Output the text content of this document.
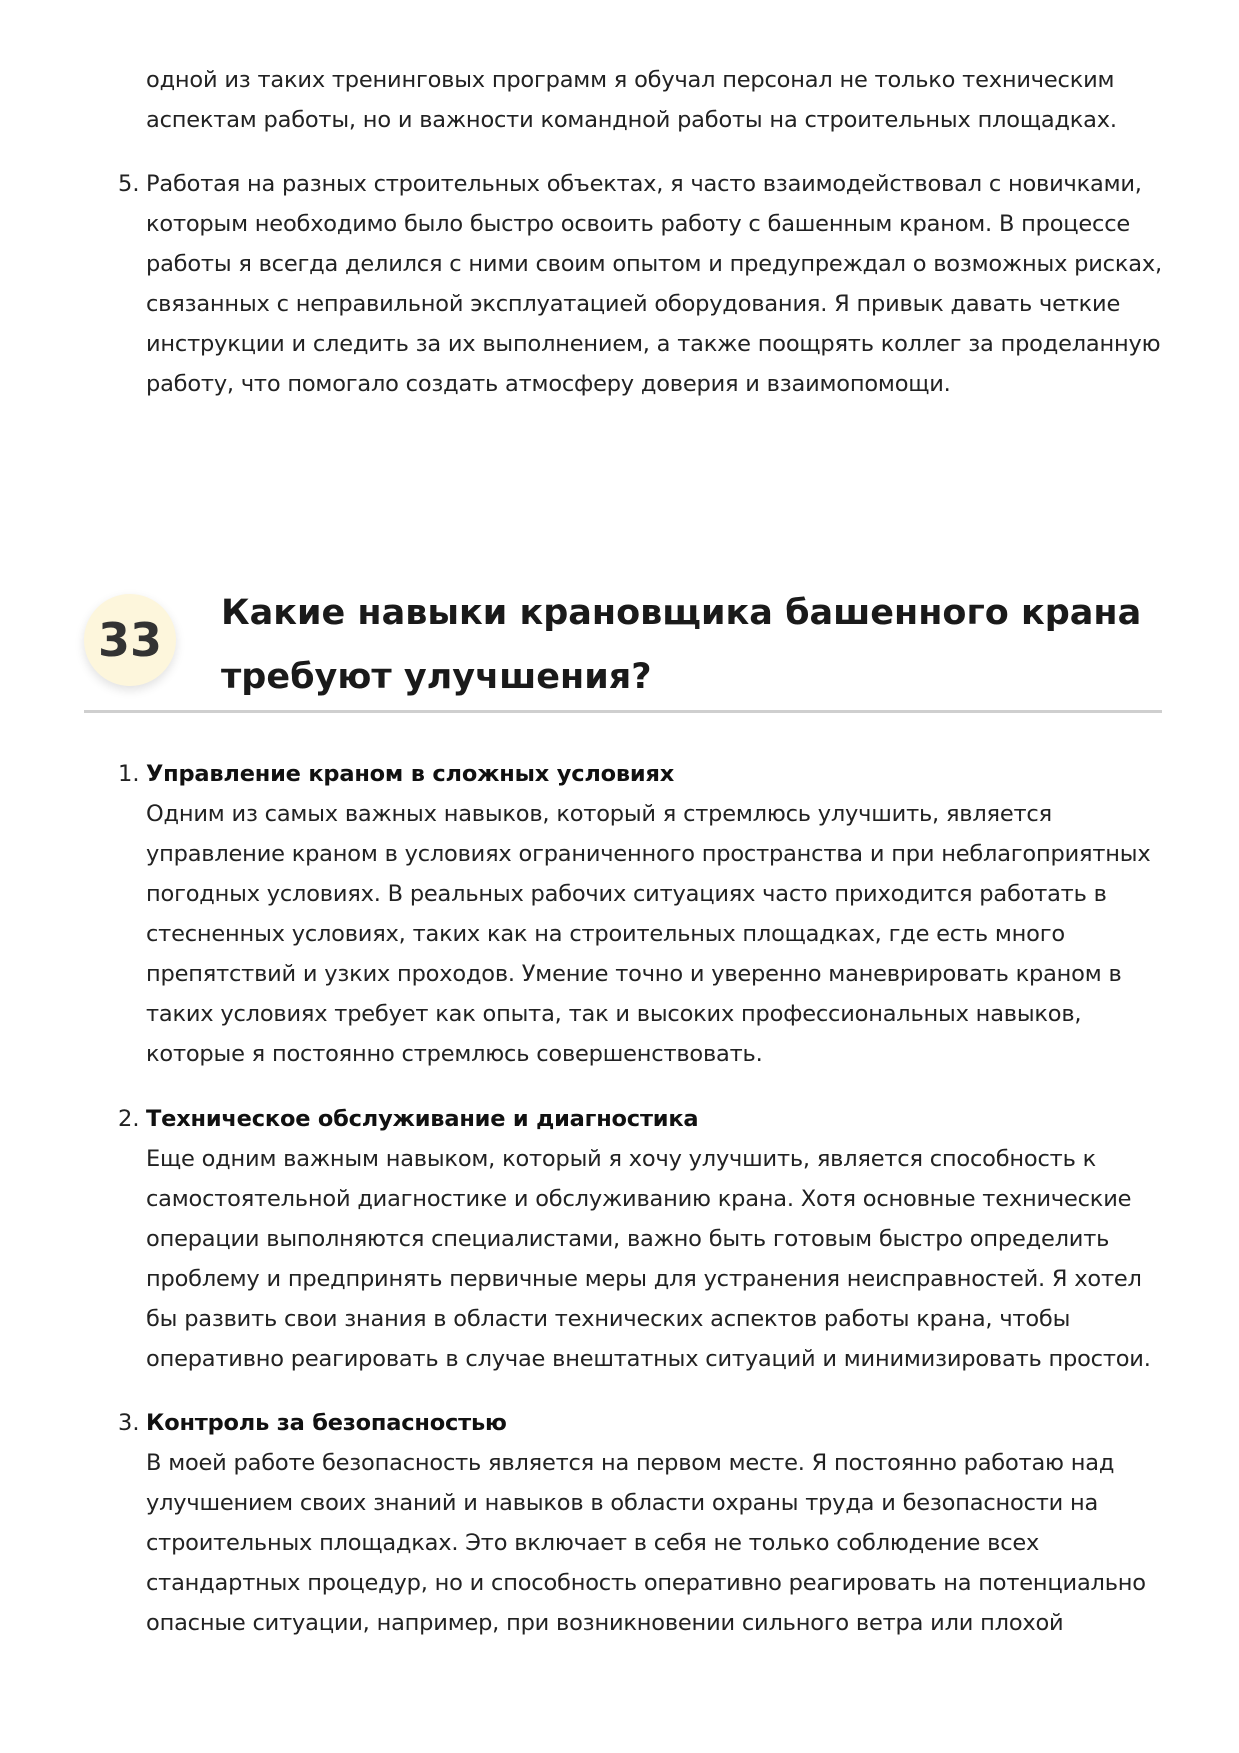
одной из таких тренинговых программ я обучал персонал не только техническим аспектам работы, но и важности командной работы на строительных площадках.
5. Работая на разных строительных объектах, я часто взаимодействовал с новичками, которым необходимо было быстро освоить работу с башенным краном. В процессе работы я всегда делился с ними своим опытом и предупреждал о возможных рисках, связанных с неправильной эксплуатацией оборудования. Я привык давать четкие инструкции и следить за их выполнением, а также поощрять коллег за проделанную работу, что помогало создать атмосферу доверия и взаимопомощи.
33	Какие навыки крановщика башенного крана требуют улучшения?
1. Управление краном в сложных условиях
Одним из самых важных навыков, который я стремлюсь улучшить, является управление краном в условиях ограниченного пространства и при неблагоприятных погодных условиях. В реальных рабочих ситуациях часто приходится работать в стесненных условиях, таких как на строительных площадках, где есть много препятствий и узких проходов. Умение точно и уверенно маневрировать краном в таких условиях требует как опыта, так и высоких профессиональных навыков, которые я постоянно стремлюсь совершенствовать.
2. Техническое обслуживание и диагностика
Еще одним важным навыком, который я хочу улучшить, является способность к самостоятельной диагностике и обслуживанию крана. Хотя основные технические операции выполняются специалистами, важно быть готовым быстро определить проблему и предпринять первичные меры для устранения неисправностей. Я хотел бы развить свои знания в области технических аспектов работы крана, чтобы оперативно реагировать в случае внештатных ситуаций и минимизировать простои.
3. Контроль за безопасностью
В моей работе безопасность является на первом месте. Я постоянно работаю над улучшением своих знаний и навыков в области охраны труда и безопасности на строительных площадках. Это включает в себя не только соблюдение всех стандартных процедур, но и способность оперативно реагировать на потенциально опасные ситуации, например, при возникновении сильного ветра или плохой
